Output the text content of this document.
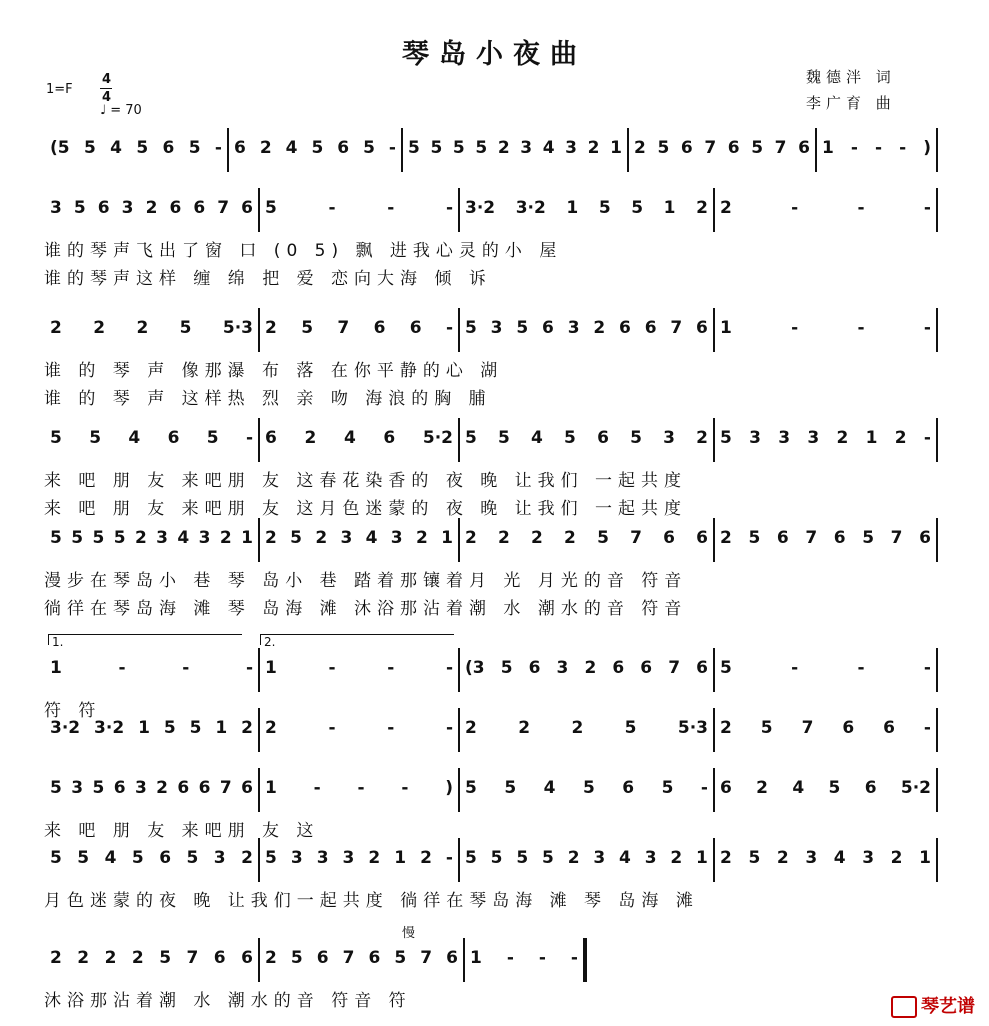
琴岛小夜曲
魏德泮 词
李广育 曲
1=F
4
4
♩ = 70
(5 5 4 5 6 5 - 6 2 4 5 6 5 - 5 5 5 5 2 3 4 3 2 1 2 5 6 7 6 5 7 6 1 - - - )
3 5 6 3 2 6 6 7 6 5	-	-	- 3·2 3·2 1 5 5 1 2 2	-	-	-
谁的琴声飞出了窗 口 (0 5) 飘 进我心灵的小 屋
谁的琴声这样 缠 绵 把 爱 恋向大海 倾 诉
2 2 2 5 5·3 2 5 7 6 6 - 5 3 5 6 3 2 6 6 7 6 1	-	-	-
谁 的 琴 声 像那瀑 布 落 在你平静的心 湖
谁 的 琴 声 这样热 烈 亲 吻 海浪的胸 脯
5 5 4 6 5 - 6 2 4 6 5·2 5 5 4 5 6 5 3 2 5 3 3 3 2 1 2 -
来 吧 朋 友 来吧朋 友 这春花染香的 夜 晚 让我们 一起共度
来 吧 朋 友 来吧朋 友 这月色迷蒙的 夜 晚 让我们 一起共度
5 5 5 5 2 3 4 3 2 1 2 5 2 3 4 3 2 1 2 2 2 2 5 7 6 6 2 5 6 7 6 5 7 6
漫步在琴岛小 巷 琴 岛小 巷 踏着那镶着月 光 月光的音 符音
徜徉在琴岛海 滩 琴 岛海 滩 沐浴那沾着潮 水 潮水的音 符音
1	-	-	- 1	-	-	- (3 5 6 3 2 6 6 7 6 5	-	-	-
1.	2.
符 符
3·2 3·2 1 5 5 1 2 2	-	-	- 2 2 2 5 5·3 2 5 7 6 6 -
5 3 5 6 3 2 6 6 7 6 1 - - - ) 5 5 4 5 6 5 - 6 2 4 5 6 5·2
来 吧 朋 友 来吧朋 友 这
5 5 4 5 6 5 3 2 5 3 3 3 2 1 2 - 5 5 5 5 2 3 4 3 2 1 2 5 2 3 4 3 2 1
月色迷蒙的夜 晚 让我们一起共度 徜徉在琴岛海 滩 琴 岛海 滩
2 2 2 2 5 7 6 6 2 5 6 7 6 5 7 6 1 - - -
慢
沐浴那沾着潮 水 潮水的音 符音 符	琴艺谱
